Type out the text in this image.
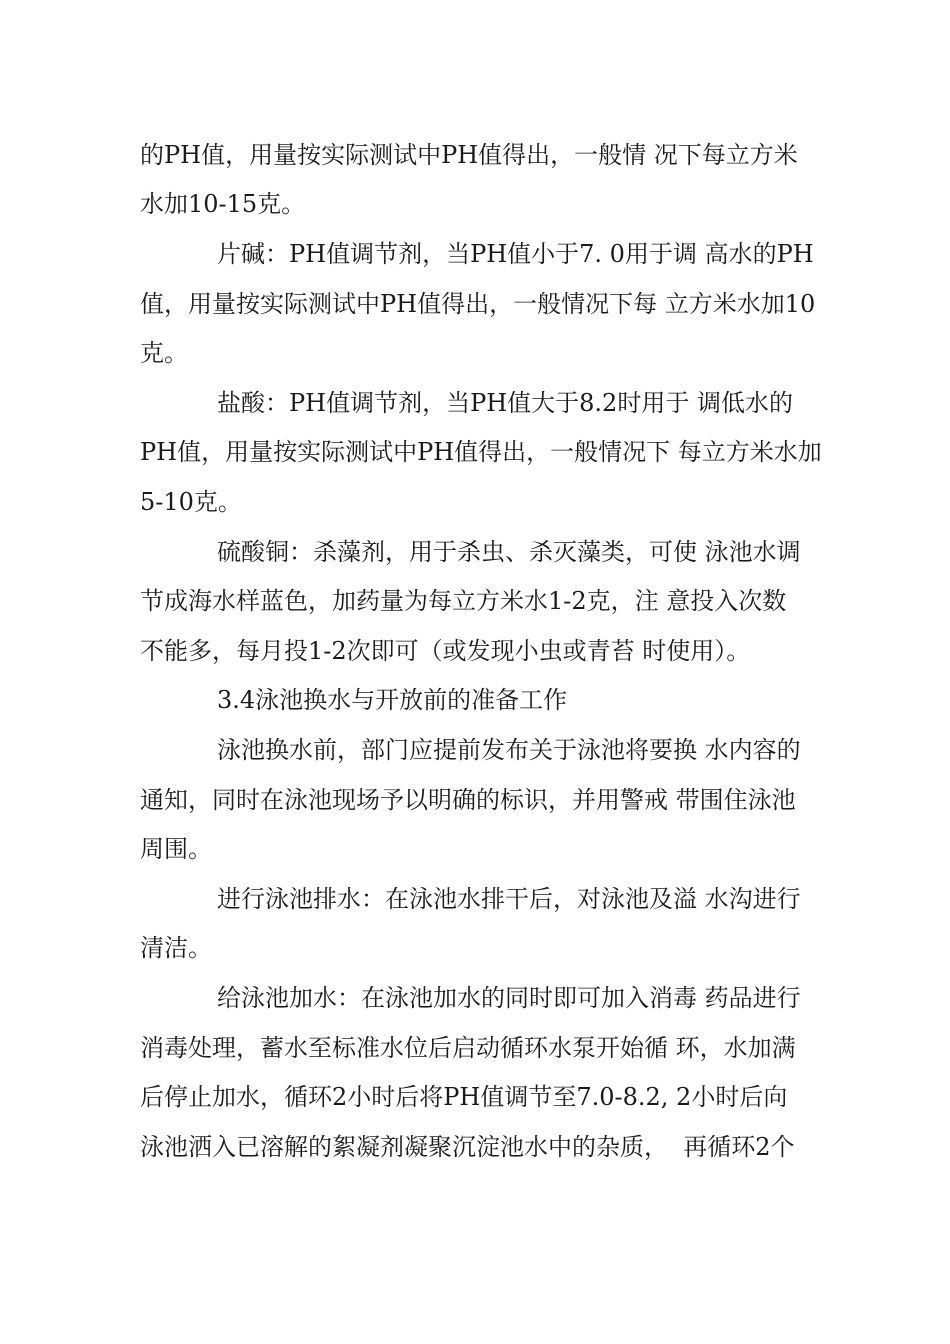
的PH值，用量按实际测试中PH值得出，一般情 况下每立方米

水加10-15克。

片碱：PH值调节剂，当PH值小于7. 0用于调 高水的PH

值，用量按实际测试中PH值得出，一般情况下每 立方米水加10

克。

盐酸：PH值调节剂，当PH值大于8.2时用于 调低水的

PH值，用量按实际测试中PH值得出，一般情况下 每立方米水加

5-10克。

硫酸铜：杀藻剂，用于杀虫、杀灭藻类，可使 泳池水调

节成海水样蓝色，加药量为每立方米水1-2克，注 意投入次数

不能多，每月投1-2次即可（或发现小虫或青苔 时使用）。

3.4泳池换水与开放前的准备工作

泳池换水前，部门应提前发布关于泳池将要换 水内容的

通知，同时在泳池现场予以明确的标识，并用警戒 带围住泳池

周围。

进行泳池排水：在泳池水排干后，对泳池及溢 水沟进行

清洁。

给泳池加水：在泳池加水的同时即可加入消毒 药品进行

消毒处理，蓄水至标准水位后启动循环水泵开始循 环，水加满

后停止加水，循环2小时后将PH值调节至7.0-8.2, 2小时后向

泳池洒入已溶解的絮凝剂凝聚沉淀池水中的杂质，  再循环2个
